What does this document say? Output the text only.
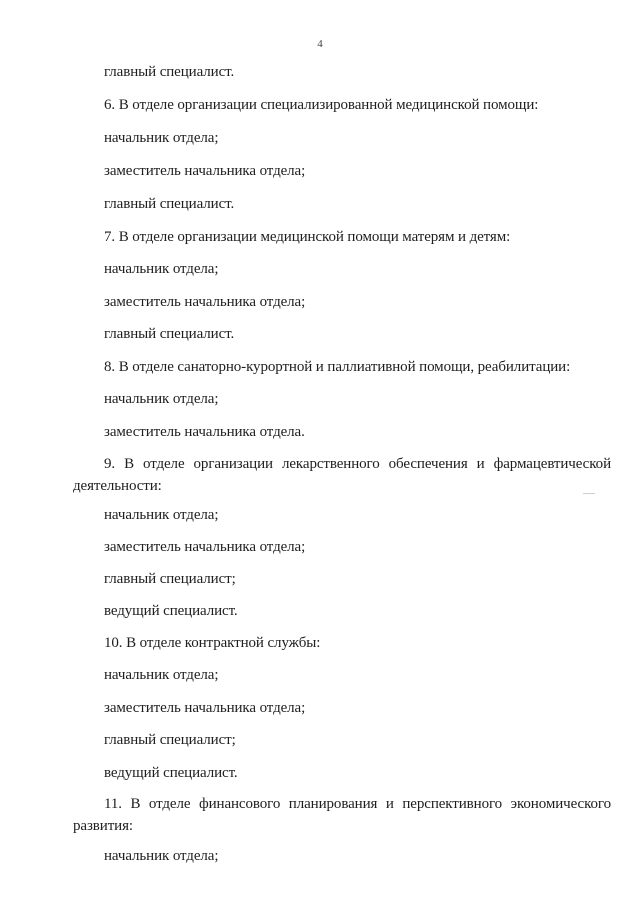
4
главный специалист.
6. В отделе организации специализированной медицинской помощи:
начальник отдела;
заместитель начальника отдела;
главный специалист.
7. В отделе организации медицинской помощи матерям и детям:
начальник отдела;
заместитель начальника отдела;
главный специалист.
8. В отделе санаторно-курортной и паллиативной помощи, реабилитации:
начальник отдела;
заместитель начальника отдела.
9. В отделе организации лекарственного обеспечения и фармацевтической
деятельности:
начальник отдела;
заместитель начальника отдела;
главный специалист;
ведущий специалист.
10. В отделе контрактной службы:
начальник отдела;
заместитель начальника отдела;
главный специалист;
ведущий специалист.
11. В отделе финансового планирования и перспективного экономического
развития:
начальник отдела;
